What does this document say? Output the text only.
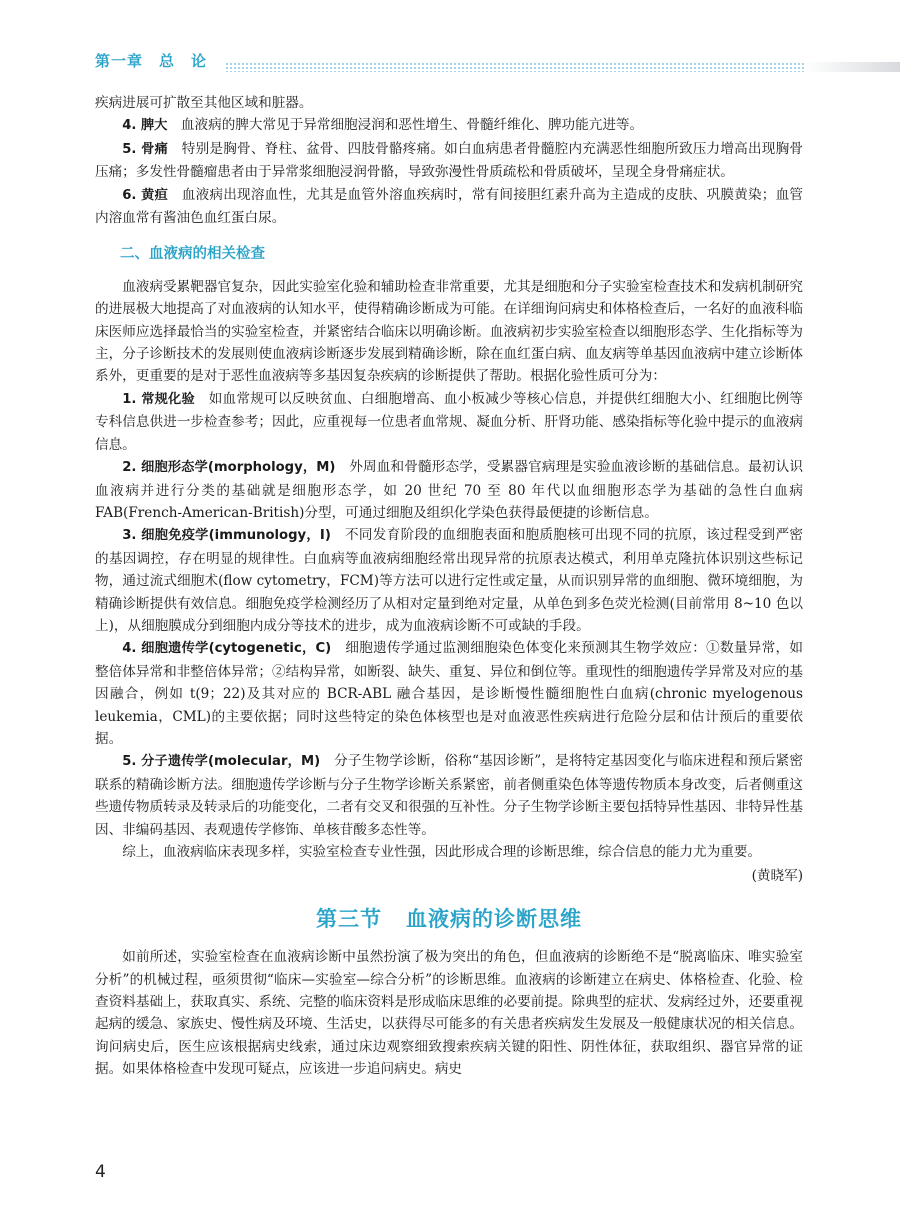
第一章　总　论

疾病进展可扩散至其他区域和脏器。

4. 脾大　血液病的脾大常见于异常细胞浸润和恶性增生、骨髓纤维化、脾功能亢进等。

5. 骨痛　特别是胸骨、脊柱、盆骨、四肢骨骼疼痛。如白血病患者骨髓腔内充满恶性细胞所致压力增高出现胸骨压痛；多发性骨髓瘤患者由于异常浆细胞浸润骨骼，导致弥漫性骨质疏松和骨质破坏，呈现全身骨痛症状。

6. 黄疸　血液病出现溶血性，尤其是血管外溶血疾病时，常有间接胆红素升高为主造成的皮肤、巩膜黄染；血管内溶血常有酱油色血红蛋白尿。

二、血液病的相关检查

血液病受累靶器官复杂，因此实验室化验和辅助检查非常重要，尤其是细胞和分子实验室检查技术和发病机制研究的进展极大地提高了对血液病的认知水平，使得精确诊断成为可能。在详细询问病史和体格检查后，一名好的血液科临床医师应选择最恰当的实验室检查，并紧密结合临床以明确诊断。血液病初步实验室检查以细胞形态学、生化指标等为主，分子诊断技术的发展则使血液病诊断逐步发展到精确诊断，除在血红蛋白病、血友病等单基因血液病中建立诊断体系外，更重要的是对于恶性血液病等多基因复杂疾病的诊断提供了帮助。根据化验性质可分为：

1. 常规化验　如血常规可以反映贫血、白细胞增高、血小板减少等核心信息，并提供红细胞大小、红细胞比例等专科信息供进一步检查参考；因此，应重视每一位患者血常规、凝血分析、肝肾功能、感染指标等化验中提示的血液病信息。

2. 细胞形态学(morphology，M)　外周血和骨髓形态学，受累器官病理是实验血液诊断的基础信息。最初认识血液病并进行分类的基础就是细胞形态学，如 20 世纪 70 至 80 年代以血细胞形态学为基础的急性白血病 FAB(French-American-British)分型，可通过细胞及组织化学染色获得最便捷的诊断信息。

3. 细胞免疫学(immunology，I)　不同发育阶段的血细胞表面和胞质胞核可出现不同的抗原，该过程受到严密的基因调控，存在明显的规律性。白血病等血液病细胞经常出现异常的抗原表达模式，利用单克隆抗体识别这些标记物，通过流式细胞术(flow cytometry，FCM)等方法可以进行定性或定量，从而识别异常的血细胞、微环境细胞，为精确诊断提供有效信息。细胞免疫学检测经历了从相对定量到绝对定量，从单色到多色荧光检测(目前常用 8~10 色以上)，从细胞膜成分到细胞内成分等技术的进步，成为血液病诊断不可或缺的手段。

4. 细胞遗传学(cytogenetic，C)　细胞遗传学通过监测细胞染色体变化来预测其生物学效应：①数量异常，如整倍体异常和非整倍体异常；②结构异常，如断裂、缺失、重复、异位和倒位等。重现性的细胞遗传学异常及对应的基因融合，例如 t(9；22)及其对应的 BCR-ABL 融合基因，是诊断慢性髓细胞性白血病(chronic myelogenous leukemia，CML)的主要依据；同时这些特定的染色体核型也是对血液恶性疾病进行危险分层和估计预后的重要依据。

5. 分子遗传学(molecular，M)　分子生物学诊断，俗称“基因诊断”，是将特定基因变化与临床进程和预后紧密联系的精确诊断方法。细胞遗传学诊断与分子生物学诊断关系紧密，前者侧重染色体等遗传物质本身改变，后者侧重这些遗传物质转录及转录后的功能变化，二者有交叉和很强的互补性。分子生物学诊断主要包括特异性基因、非特异性基因、非编码基因、表观遗传学修饰、单核苷酸多态性等。

综上，血液病临床表现多样，实验室检查专业性强，因此形成合理的诊断思维，综合信息的能力尤为重要。

(黄晓军)
第三节 血液病的诊断思维

如前所述，实验室检查在血液病诊断中虽然扮演了极为突出的角色，但血液病的诊断绝不是“脱离临床、唯实验室分析”的机械过程，亟须贯彻“临床—实验室—综合分析”的诊断思维。血液病的诊断建立在病史、体格检查、化验、检查资料基础上，获取真实、系统、完整的临床资料是形成临床思维的必要前提。除典型的症状、发病经过外，还要重视起病的缓急、家族史、慢性病及环境、生活史，以获得尽可能多的有关患者疾病发生发展及一般健康状况的相关信息。询问病史后，医生应该根据病史线索，通过床边观察细致搜索疾病关键的阳性、阴性体征，获取组织、器官异常的证据。如果体格检查中发现可疑点，应该进一步追问病史。病史

4
